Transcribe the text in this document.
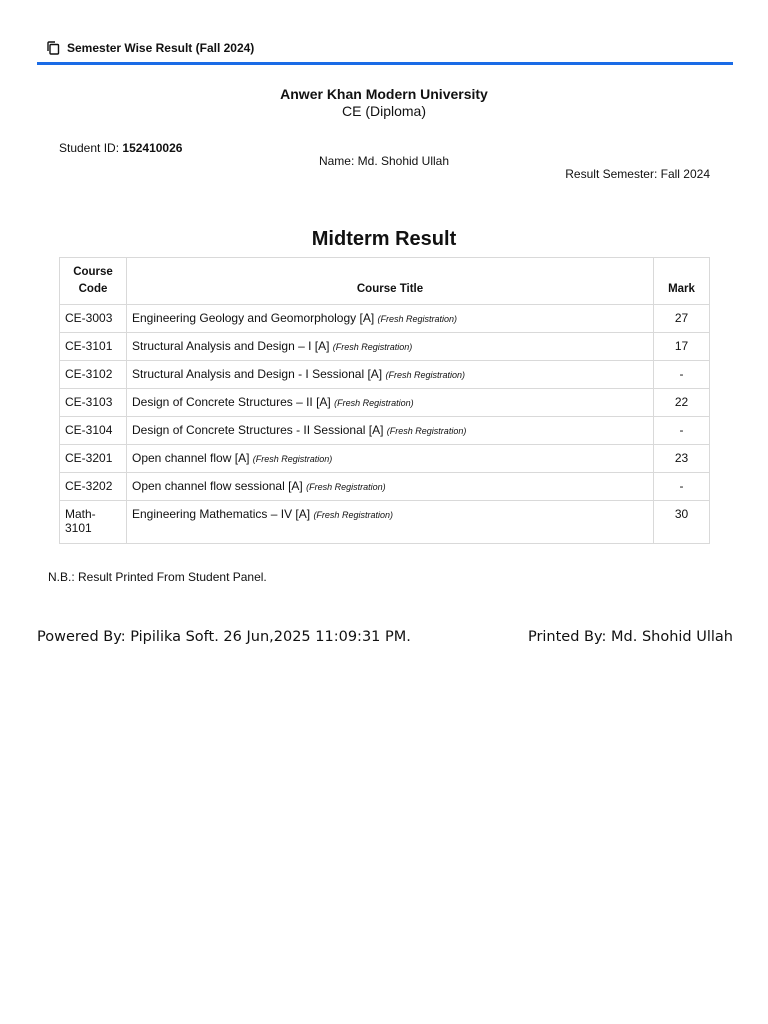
Semester Wise Result (Fall 2024)
Anwer Khan Modern University
CE (Diploma)
Student ID: 152410026
Name: Md. Shohid Ullah
Result Semester: Fall 2024
Midterm Result
Course
Code	Course Title	Mark
CE-3003	Engineering Geology and Geomorphology [A] (Fresh Registration)	27
CE-3101	Structural Analysis and Design – I [A] (Fresh Registration)	17
CE-3102	Structural Analysis and Design - I Sessional [A] (Fresh Registration)	-
CE-3103	Design of Concrete Structures – II [A] (Fresh Registration)	22
CE-3104	Design of Concrete Structures - II Sessional [A] (Fresh Registration)	-
CE-3201	Open channel flow [A] (Fresh Registration)	23
CE-3202	Open channel flow sessional [A] (Fresh Registration)	-
Math-3101	Engineering Mathematics – IV [A] (Fresh Registration)	30
N.B.: Result Printed From Student Panel.
Powered By: Pipilika Soft. 26 Jun,2025 11:09:31 PM.	Printed By: Md. Shohid Ullah
